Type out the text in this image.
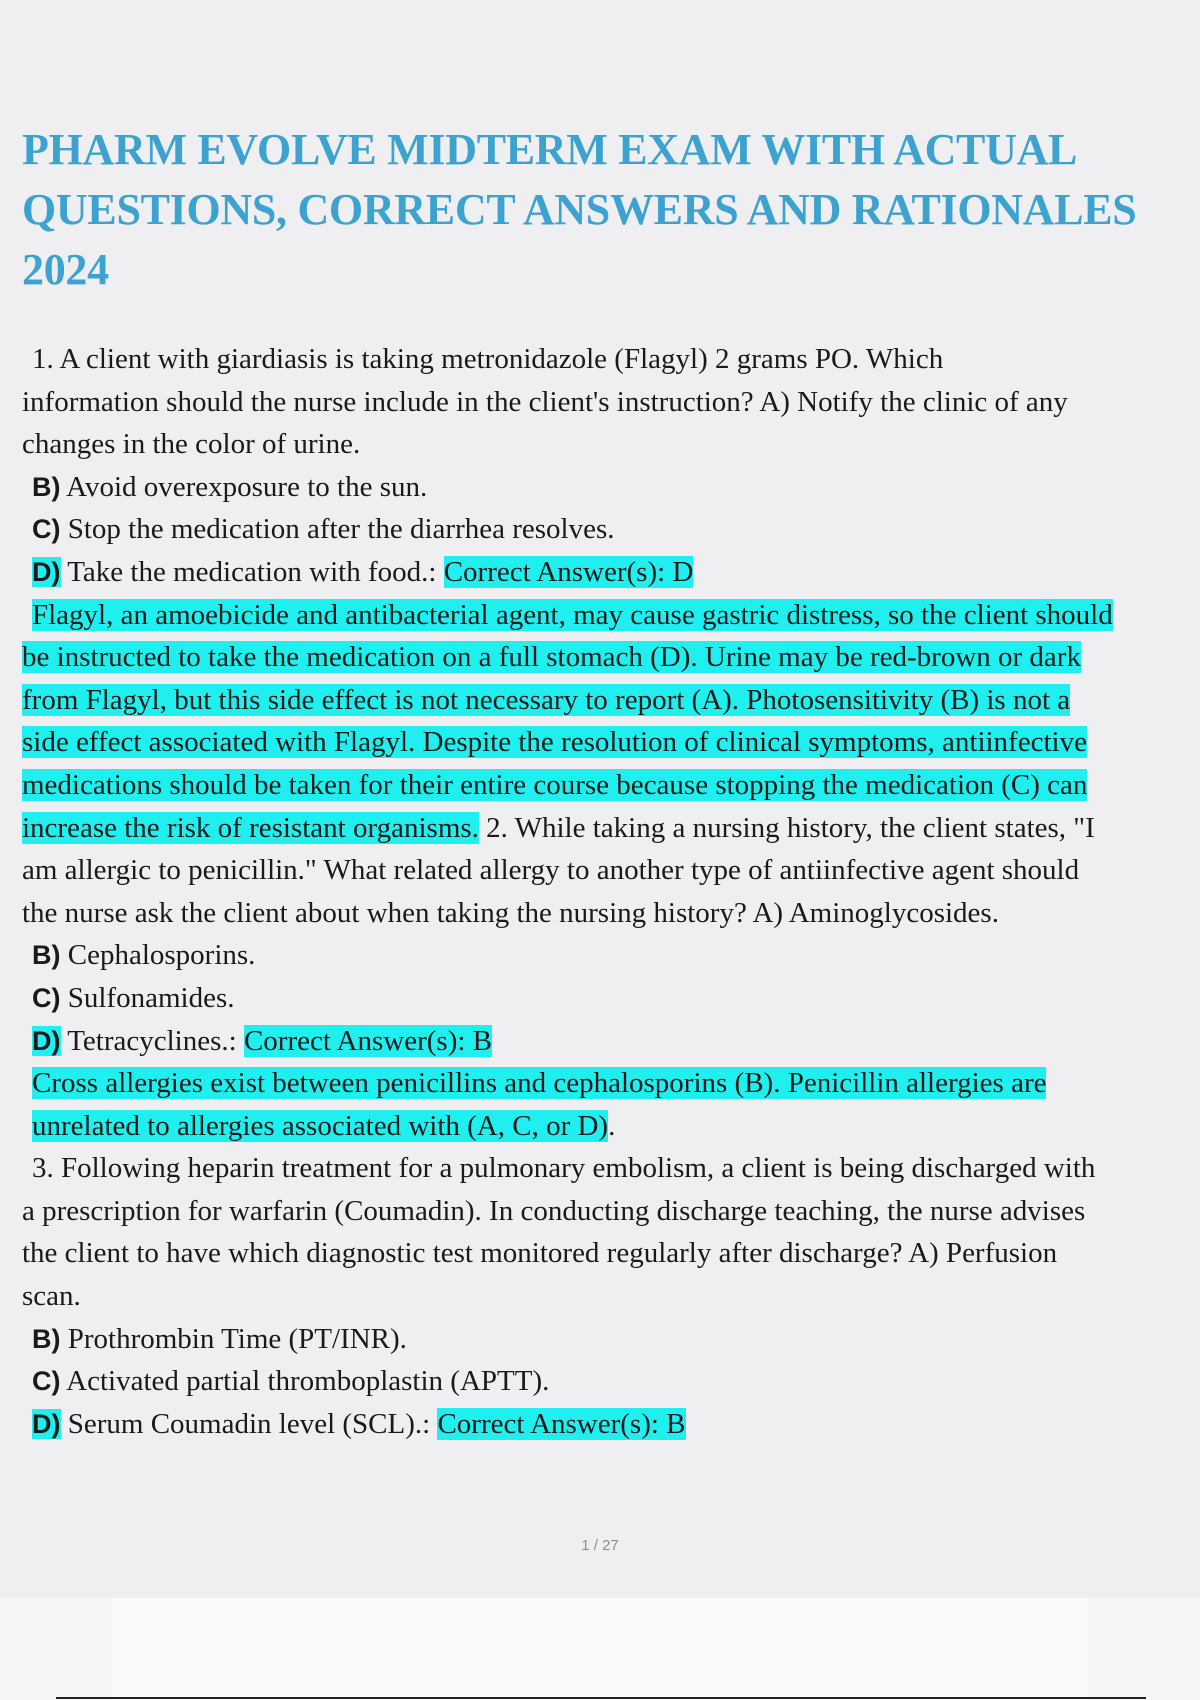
PHARM EVOLVE MIDTERM EXAM WITH ACTUAL QUESTIONS, CORRECT ANSWERS AND RATIONALES 2024
1. A client with giardiasis is taking metronidazole (Flagyl) 2 grams PO. Which
information should the nurse include in the client's instruction? A) Notify the clinic of any
changes in the color of urine.
B) Avoid overexposure to the sun.
C) Stop the medication after the diarrhea resolves.
D) Take the medication with food.: Correct Answer(s): D
Flagyl, an amoebicide and antibacterial agent, may cause gastric distress, so the client should
be instructed to take the medication on a full stomach (D). Urine may be red-brown or dark
from Flagyl, but this side effect is not necessary to report (A). Photosensitivity (B) is not a
side effect associated with Flagyl. Despite the resolution of clinical symptoms, antiinfective
medications should be taken for their entire course because stopping the medication (C) can
increase the risk of resistant organisms. 2. While taking a nursing history, the client states, "I
am allergic to penicillin." What related allergy to another type of antiinfective agent should
the nurse ask the client about when taking the nursing history? A) Aminoglycosides.
B) Cephalosporins.
C) Sulfonamides.
D) Tetracyclines.: Correct Answer(s): B
Cross allergies exist between penicillins and cephalosporins (B). Penicillin allergies are
unrelated to allergies associated with (A, C, or D).
3. Following heparin treatment for a pulmonary embolism, a client is being discharged with
a prescription for warfarin (Coumadin). In conducting discharge teaching, the nurse advises
the client to have which diagnostic test monitored regularly after discharge? A) Perfusion
scan.
B) Prothrombin Time (PT/INR).
C) Activated partial thromboplastin (APTT).
D) Serum Coumadin level (SCL).: Correct Answer(s): B
1 / 27
